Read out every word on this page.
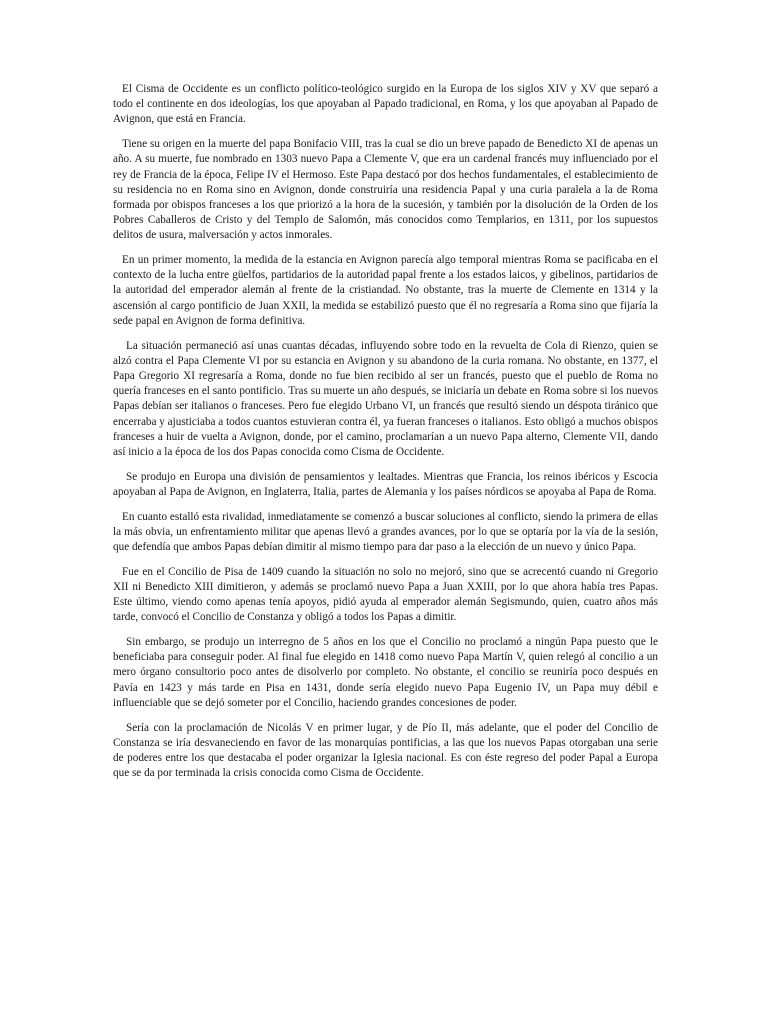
El Cisma de Occidente es un conflicto político-teológico surgido en la Europa de los siglos XIV y XV que separó a todo el continente en dos ideologías, los que apoyaban al Papado tradicional, en Roma, y los que apoyaban al Papado de Avignon, que está en Francia.

Tiene su origen en la muerte del papa Bonifacio VIII, tras la cual se dio un breve papado de Benedicto XI de apenas un año. A su muerte, fue nombrado en 1303 nuevo Papa a Clemente V, que era un cardenal francés muy influenciado por el rey de Francia de la época, Felipe IV el Hermoso. Este Papa destacó por dos hechos fundamentales, el establecimiento de su residencia no en Roma sino en Avignon, donde construiría una residencia Papal y una curia paralela a la de Roma formada por obispos franceses a los que priorizó a la hora de la sucesión, y también por la disolución de la Orden de los Pobres Caballeros de Cristo y del Templo de Salomón, más conocidos como Templarios, en 1311, por los supuestos delitos de usura, malversación y actos inmorales.

En un primer momento, la medida de la estancia en Avignon parecía algo temporal mientras Roma se pacificaba en el contexto de la lucha entre güelfos, partidarios de la autoridad papal frente a los estados laicos, y gibelinos, partidarios de la autoridad del emperador alemán al frente de la cristiandad. No obstante, tras la muerte de Clemente en 1314 y la ascensión al cargo pontificio de Juan XXII, la medida se estabilizó puesto que él no regresaría a Roma sino que fijaría la sede papal en Avignon de forma definitiva.

La situación permaneció así unas cuantas décadas, influyendo sobre todo en la revuelta de Cola di Rienzo, quien se alzó contra el Papa Clemente VI por su estancia en Avignon y su abandono de la curia romana. No obstante, en 1377, el Papa Gregorio XI regresaría a Roma, donde no fue bien recibido al ser un francés, puesto que el pueblo de Roma no quería franceses en el santo pontificio. Tras su muerte un año después, se iniciaría un debate en Roma sobre si los nuevos Papas debían ser italianos o franceses. Pero fue elegido Urbano VI, un francés que resultó siendo un déspota tiránico que encerraba y ajusticiaba a todos cuantos estuvieran contra él, ya fueran franceses o italianos. Esto obligó a muchos obispos franceses a huir de vuelta a Avignon, donde, por el camino, proclamarían a un nuevo Papa alterno, Clemente VII, dando así inicio a la época de los dos Papas conocida como Cisma de Occidente.

Se produjo en Europa una división de pensamientos y lealtades. Mientras que Francia, los reinos ibéricos y Escocia apoyaban al Papa de Avignon, en Inglaterra, Italia, partes de Alemania y los países nórdicos se apoyaba al Papa de Roma.

En cuanto estalló esta rivalidad, inmediatamente se comenzó a buscar soluciones al conflicto, siendo la primera de ellas la más obvia, un enfrentamiento militar que apenas llevó a grandes avances, por lo que se optaría por la vía de la sesión, que defendía que ambos Papas debían dimitir al mismo tiempo para dar paso a la elección de un nuevo y único Papa.

Fue en el Concilio de Pisa de 1409 cuando la situación no solo no mejoró, sino que se acrecentó cuando ni Gregorio XII ni Benedicto XIII dimitieron, y además se proclamó nuevo Papa a Juan XXIII, por lo que ahora había tres Papas. Este último, viendo como apenas tenía apoyos, pidió ayuda al emperador alemán Segismundo, quien, cuatro años más tarde, convocó el Concilio de Constanza y obligó a todos los Papas a dimitir.

Sin embargo, se produjo un interregno de 5 años en los que el Concilio no proclamó a ningún Papa puesto que le beneficiaba para conseguir poder. Al final fue elegido en 1418 como nuevo Papa Martín V, quien relegó al concilio a un mero órgano consultorio poco antes de disolverlo por completo. No obstante, el concilio se reuniría poco después en Pavía en 1423 y más tarde en Pisa en 1431, donde sería elegido nuevo Papa Eugenio IV, un Papa muy débil e influenciable que se dejó someter por el Concilio, haciendo grandes concesiones de poder.

Sería con la proclamación de Nicolás V en primer lugar, y de Pío II, más adelante, que el poder del Concilio de Constanza se iría desvaneciendo en favor de las monarquías pontificias, a las que los nuevos Papas otorgaban una serie de poderes entre los que destacaba el poder organizar la Iglesia nacional. Es con éste regreso del poder Papal a Europa que se da por terminada la crisis conocida como Cisma de Occidente.
